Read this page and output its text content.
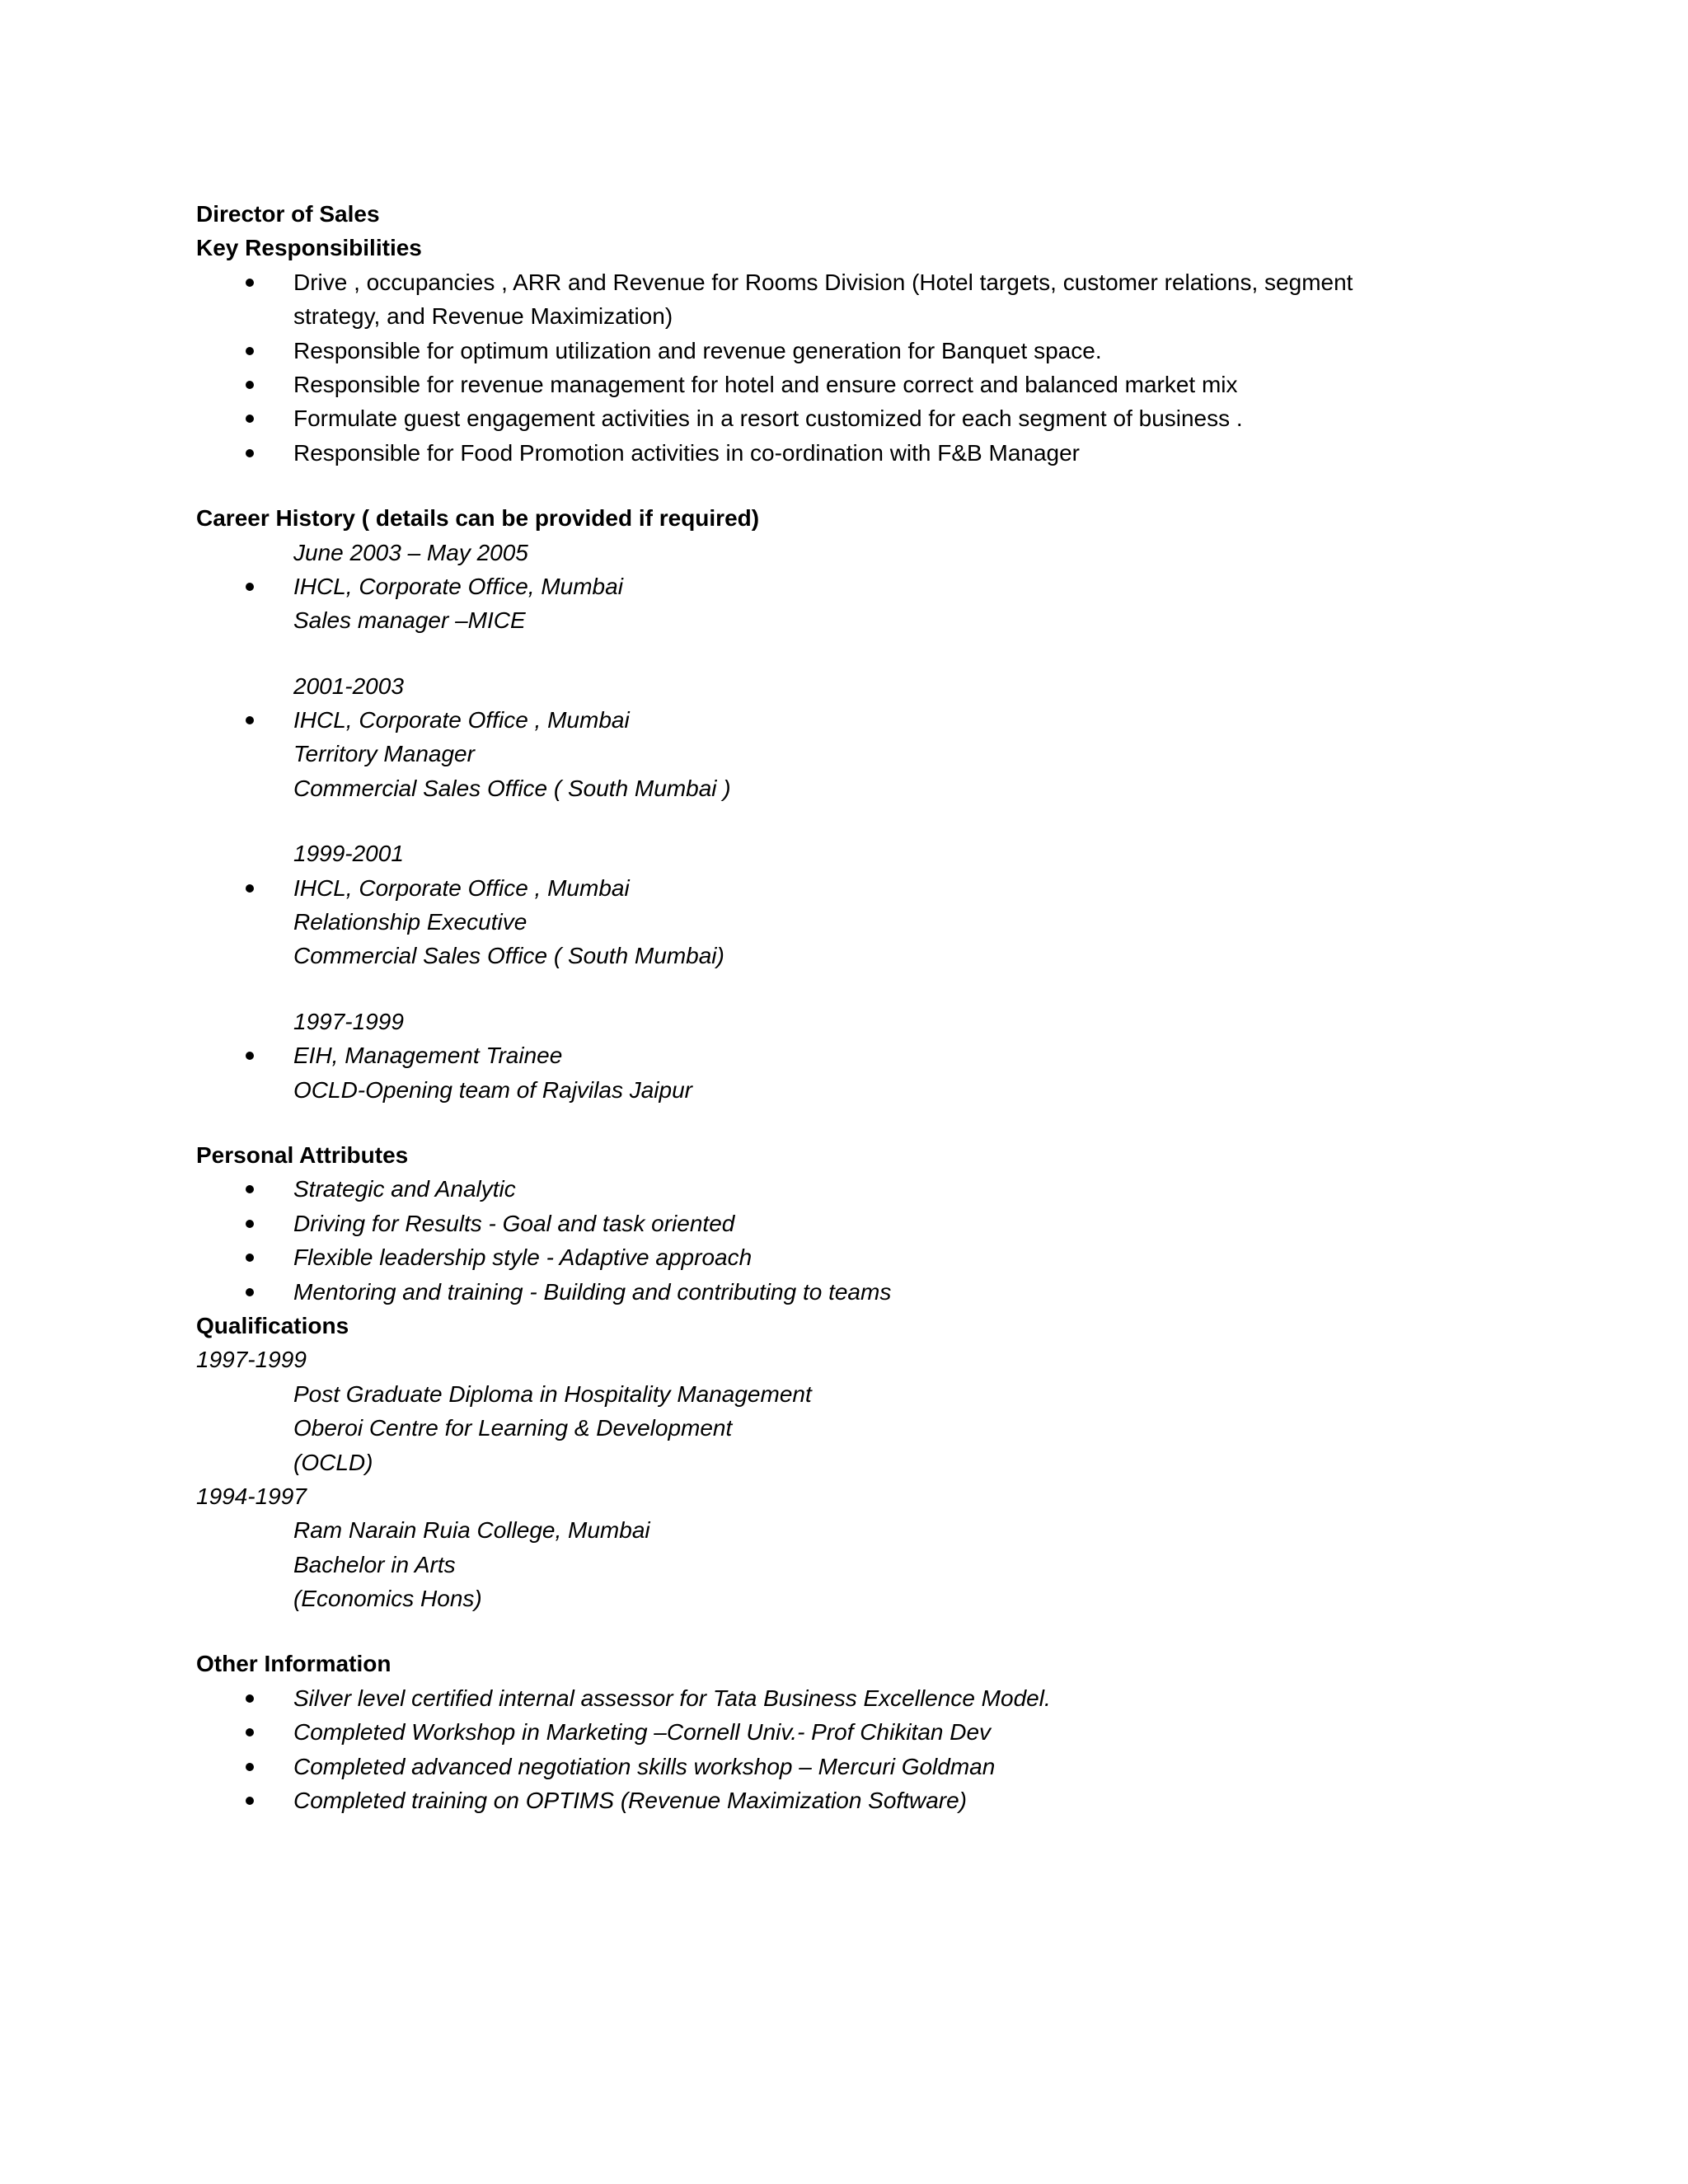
Director of Sales
Key Responsibilities
Drive , occupancies , ARR and Revenue for Rooms Division (Hotel targets, customer relations, segment
strategy, and Revenue Maximization)
Responsible for optimum utilization and revenue generation for Banquet space.
Responsible for revenue management for hotel and ensure correct and balanced market mix
Formulate guest engagement activities in a resort customized for each segment of business .
Responsible for Food Promotion activities in co-ordination with F&B Manager
Career History ( details can be provided if required)
June 2003 – May 2005
IHCL, Corporate Office, Mumbai
Sales manager –MICE
2001-2003
IHCL, Corporate Office , Mumbai
Territory Manager
Commercial Sales Office ( South Mumbai )
1999-2001
IHCL, Corporate Office , Mumbai
Relationship Executive
Commercial Sales Office ( South Mumbai)
1997-1999
EIH, Management Trainee
OCLD-Opening team of Rajvilas Jaipur
Personal Attributes
Strategic and Analytic
Driving for Results - Goal and task oriented
Flexible leadership style - Adaptive approach
Mentoring and training - Building and contributing to teams
Qualifications
1997-1999
Post Graduate Diploma in Hospitality Management
Oberoi Centre for Learning & Development
(OCLD)
1994-1997
Ram Narain Ruia College, Mumbai
Bachelor in Arts
(Economics Hons)
Other Information
Silver level certified internal assessor for Tata Business Excellence Model.
Completed Workshop in Marketing –Cornell Univ.- Prof Chikitan Dev
Completed advanced negotiation skills workshop – Mercuri Goldman
Completed training on OPTIMS (Revenue Maximization Software)
